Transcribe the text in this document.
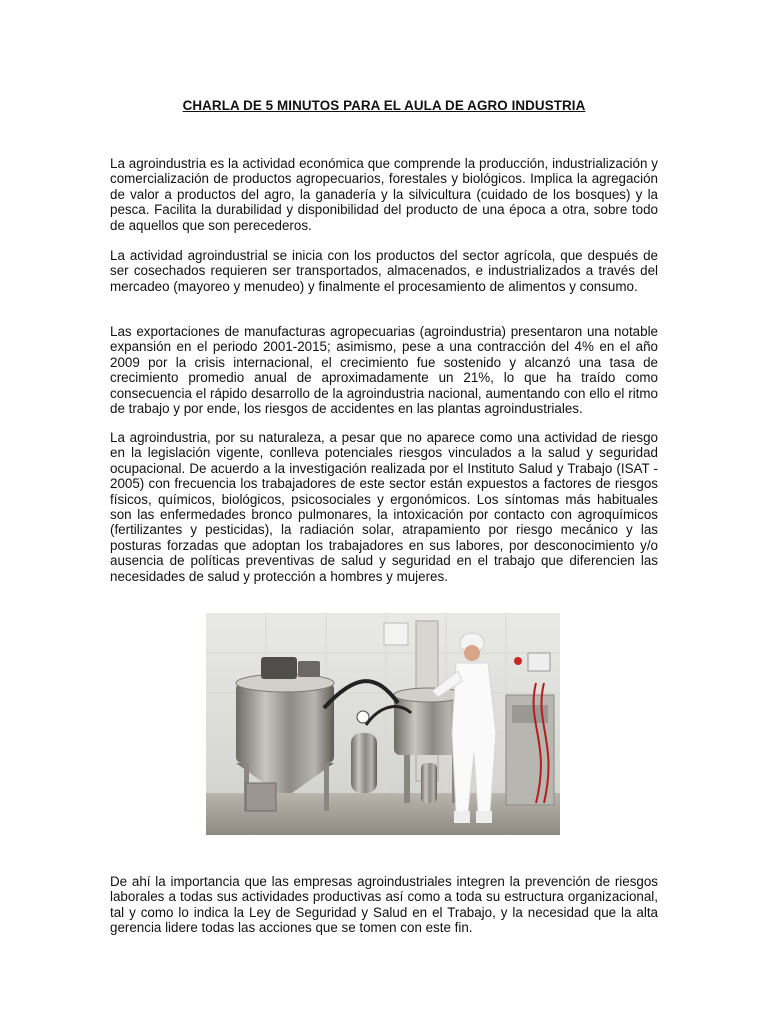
CHARLA DE 5 MINUTOS PARA EL AULA DE AGRO INDUSTRIA

La agroindustria es la actividad económica que comprende la producción, industrialización y comercialización de productos agropecuarios, forestales y biológicos. Implica la agregación de valor a productos del agro, la ganadería y la silvicultura (cuidado de los bosques) y la pesca. Facilita la durabilidad y disponibilidad del producto de una época a otra, sobre todo de aquellos que son perecederos.

La actividad agroindustrial se inicia con los productos del sector agrícola, que después de ser cosechados requieren ser transportados, almacenados, e industrializados a través del mercadeo (mayoreo y menudeo) y finalmente el procesamiento de alimentos y consumo.

Las exportaciones de manufacturas agropecuarias (agroindustria) presentaron una notable expansión en el periodo 2001-2015; asimismo, pese a una contracción del 4% en el año 2009 por la crisis internacional, el crecimiento fue sostenido y alcanzó una tasa de crecimiento promedio anual de aproximadamente un 21%, lo que ha traído como consecuencia el rápido desarrollo de la agroindustria nacional, aumentando con ello el ritmo de trabajo y por ende, los riesgos de accidentes en las plantas agroindustriales.

La agroindustria, por su naturaleza, a pesar que no aparece como una actividad de riesgo en la legislación vigente, conlleva potenciales riesgos vinculados a la salud y seguridad ocupacional. De acuerdo a la investigación realizada por el Instituto Salud y Trabajo (ISAT - 2005) con frecuencia los trabajadores de este sector están expuestos a factores de riesgos físicos, químicos, biológicos, psicosociales y ergonómicos. Los síntomas más habituales son las enfermedades bronco pulmonares, la intoxicación por contacto con agroquímicos (fertilizantes y pesticidas), la radiación solar, atrapamiento por riesgo mecánico y las posturas forzadas que adoptan los trabajadores en sus labores, por desconocimiento y/o ausencia de políticas preventivas de salud y seguridad en el trabajo que diferencien las necesidades de salud y protección a hombres y mujeres.

De ahí la importancia que las empresas agroindustriales integren la prevención de riesgos laborales a todas sus actividades productivas así como a toda su estructura organizacional, tal y como lo indica la Ley de Seguridad y Salud en el Trabajo, y la necesidad que la alta gerencia lidere todas las acciones que se tomen con este fin.
